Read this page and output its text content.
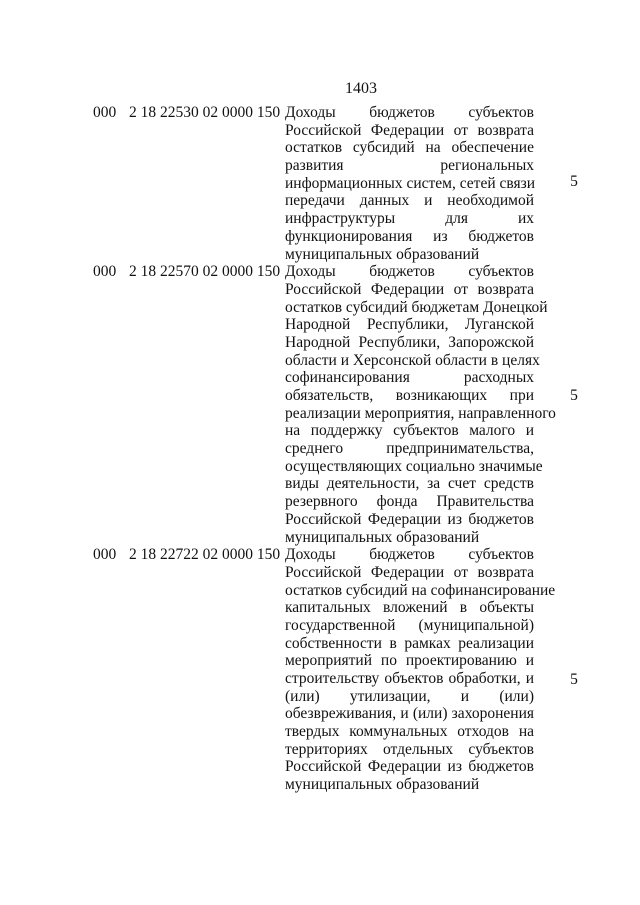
1403
000 2 18 22530 02 0000 150 Доходы бюджетов субъектов
Российской Федерации от возврата
остатков субсидий на обеспечение
развития региональных
информационных систем, сетей связи
передачи данных и необходимой
инфраструктуры для их
функционирования из бюджетов
муниципальных образований
5
000 2 18 22570 02 0000 150 Доходы бюджетов субъектов
Российской Федерации от возврата
остатков субсидий бюджетам Донецкой
Народной Республики, Луганской
Народной Республики, Запорожской
области и Херсонской области в целях
софинансирования расходных
обязательств, возникающих при
реализации мероприятия, направленного
на поддержку субъектов малого и
среднего предпринимательства,
осуществляющих социально значимые
виды деятельности, за счет средств
резервного фонда Правительства
Российской Федерации из бюджетов
муниципальных образований
5
000 2 18 22722 02 0000 150 Доходы бюджетов субъектов
Российской Федерации от возврата
остатков субсидий на софинансирование
капитальных вложений в объекты
государственной (муниципальной)
собственности в рамках реализации
мероприятий по проектированию и
строительству объектов обработки, и
(или) утилизации, и (или)
обезвреживания, и (или) захоронения
твердых коммунальных отходов на
территориях отдельных субъектов
Российской Федерации из бюджетов
муниципальных образований
5
